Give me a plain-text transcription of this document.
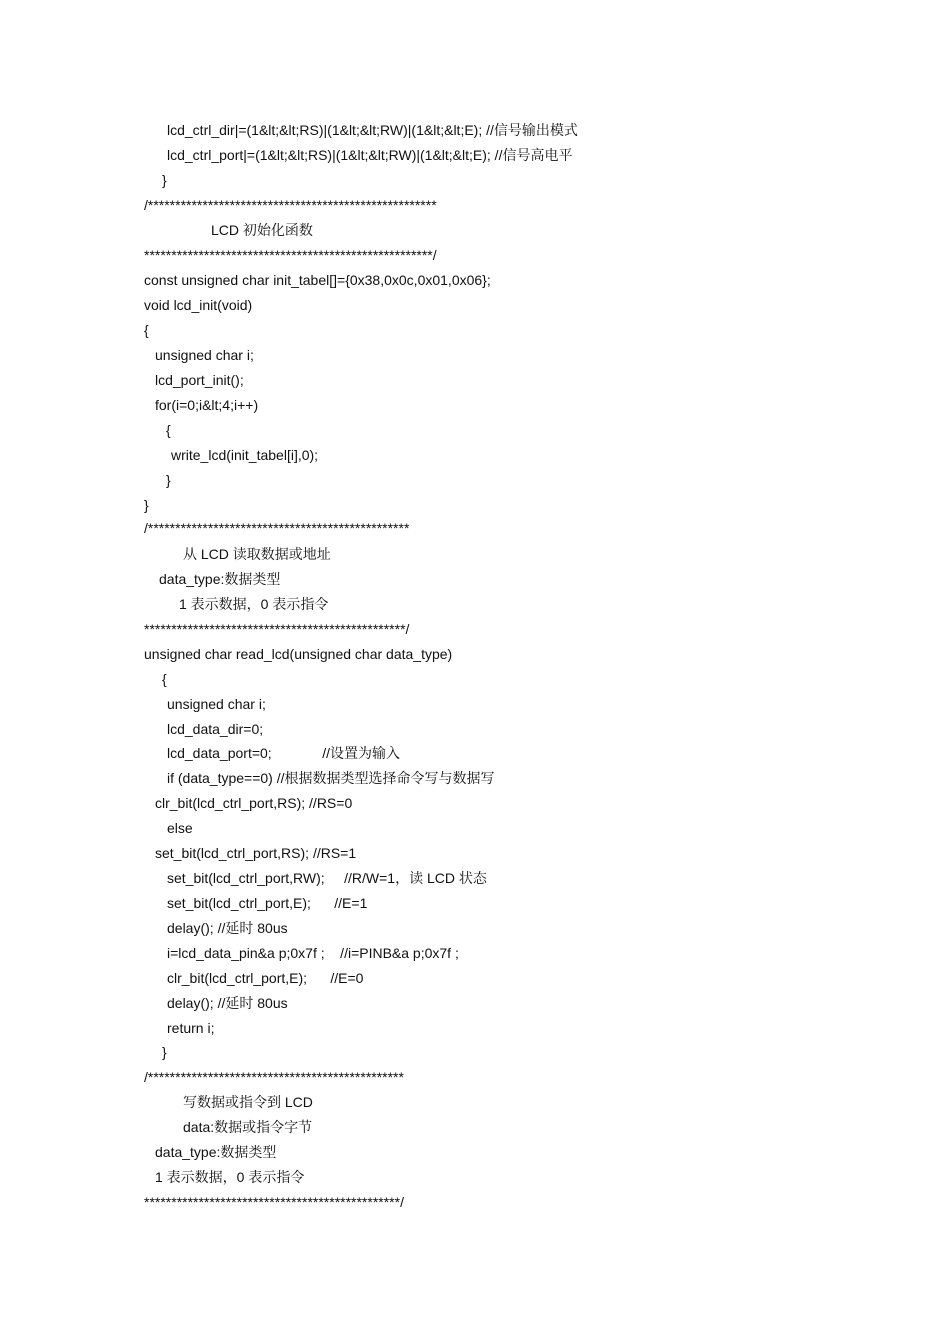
lcd_ctrl_dir|=(1&lt;&lt;RS)|(1&lt;&lt;RW)|(1&lt;&lt;E); //信号输出模式
lcd_ctrl_port|=(1&lt;&lt;RS)|(1&lt;&lt;RW)|(1&lt;&lt;E); //信号高电平
}
/*****************************************************
LCD 初始化函数
*****************************************************/
const unsigned char init_tabel[]={0x38,0x0c,0x01,0x06};
void lcd_init(void)
{
unsigned char i;
lcd_port_init();
for(i=0;i&lt;4;i++)
{
write_lcd(init_tabel[i],0);
}
}
/************************************************
从 LCD 读取数据或地址
data_type:数据类型
1 表示数据，0 表示指令
************************************************/
unsigned char read_lcd(unsigned char data_type)
{
unsigned char i;
lcd_data_dir=0;
lcd_data_port=0;             //设置为输入
if (data_type==0) //根据数据类型选择命令写与数据写
clr_bit(lcd_ctrl_port,RS); //RS=0
else
set_bit(lcd_ctrl_port,RS); //RS=1
set_bit(lcd_ctrl_port,RW);     //R/W=1，读 LCD 状态
set_bit(lcd_ctrl_port,E);      //E=1
delay(); //延时 80us
i=lcd_data_pin&a p;0x7f ;    //i=PINB&a p;0x7f ;
clr_bit(lcd_ctrl_port,E);      //E=0
delay(); //延时 80us
return i;
}
/***********************************************
写数据或指令到 LCD
data:数据或指令字节
data_type:数据类型
1 表示数据，0 表示指令
***********************************************/
